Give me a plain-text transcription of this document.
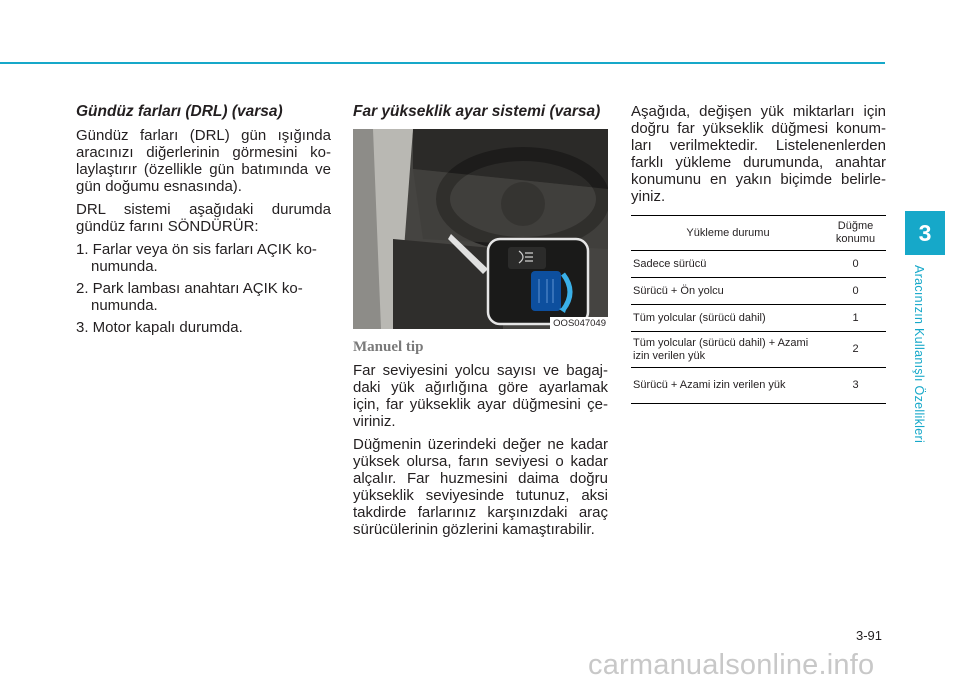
Gündüz farları (DRL) (varsa)

Gündüz farları (DRL) gün ışığında aracınızı diğerlerinin görmesini ko-laylaştırır (özellikle gün batımında ve gün doğumu esnasında).

DRL sistemi aşağıdaki durumda gündüz farını SÖNDÜRÜR:

1. Farlar veya ön sis farları AÇIK ko-numunda.
2. Park lambası anahtarı AÇIK ko-numunda.
3. Motor kapalı durumda.
Far yükseklik ayar sistemi (varsa)
OOS047049
Manuel tip

Far seviyesini yolcu sayısı ve bagaj-daki yük ağırlığına göre ayarlamak için, far yükseklik ayar düğmesini çe-viriniz.

Düğmenin üzerindeki değer ne kadar yüksek olursa, farın seviyesi o kadar alçalır. Far huzmesini daima doğru yükseklik seviyesinde tutunuz, aksi takdirde farlarınız karşınızdaki araç sürücülerinin gözlerini kamaştırabilir.

Aşağıda, değişen yük miktarları için doğru far yükseklik düğmesi konum-ları verilmektedir. Listelenenlerden farklı yükleme durumunda, anahtar konumunu en yakın biçimde belirle-yiniz.

Yükleme durumu	Düğme konumu
Sadece sürücü	0
Sürücü + Ön yolcu	0
Tüm yolcular (sürücü dahil)	1
Tüm yolcular (sürücü dahil) + Azami izin verilen yük	2
Sürücü + Azami izin verilen yük	3
3
Aracınızın Kullanışlı Özellikleri
3-91
carmanualsonline.info
